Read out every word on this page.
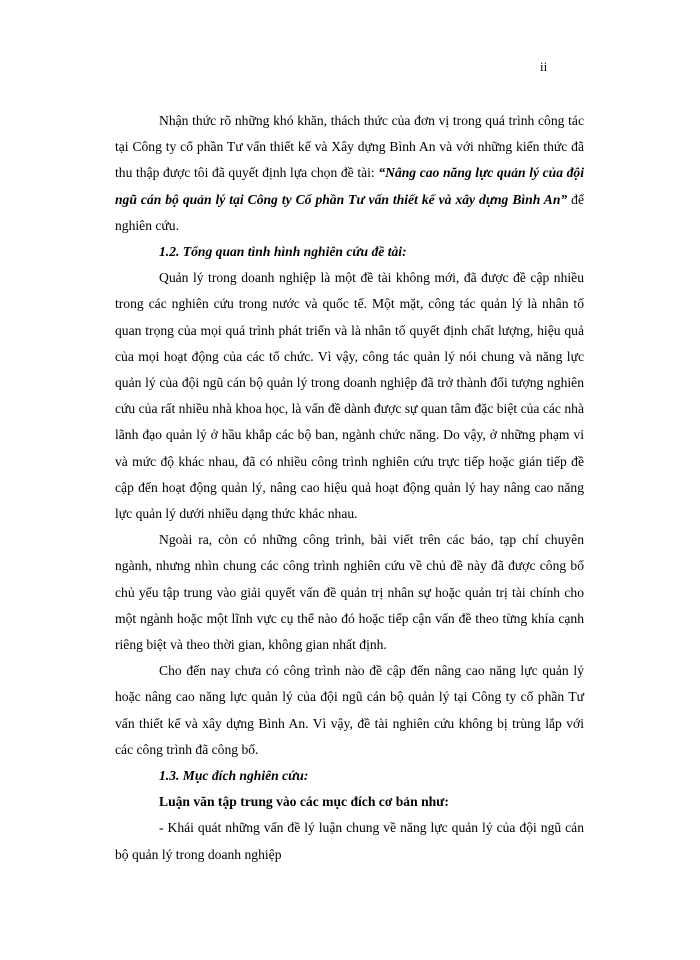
ii

Nhận thức rõ những khó khăn, thách thức của đơn vị trong quá trình công tác tại Công ty cổ phần Tư vấn thiết kế và Xây dựng Bình An và với những kiến thức đã thu thập được tôi đã quyết định lựa chọn đề tài: “Nâng cao năng lực quản lý của đội ngũ cán bộ quản lý tại Công ty Cổ phần Tư vấn thiết kế và xây dựng Bình An” để nghiên cứu.

1.2. Tổng quan tình hình nghiên cứu đề tài:

Quản lý trong doanh nghiệp là một đề tài không mới, đã được đề cập nhiều trong các nghiên cứu trong nước và quốc tế. Một mặt, công tác quản lý là nhân tố quan trọng của mọi quá trình phát triển và là nhân tố quyết định chất lượng, hiệu quả của mọi hoạt động của các tổ chức. Vì vậy, công tác quản lý nói chung và năng lực quản lý của đội ngũ cán bộ quản lý trong doanh nghiệp đã trở thành đối tượng nghiên cứu của rất nhiều nhà khoa học, là vấn đề dành được sự quan tâm đặc biệt của các nhà lãnh đạo quản lý ở hầu khắp các bộ ban, ngành chức năng. Do vậy, ở những phạm vi và mức độ khác nhau, đã có nhiều công trình nghiên cứu trực tiếp hoặc gián tiếp đề cập đến hoạt động quản lý, nâng cao hiệu quả hoạt động quản lý hay nâng cao năng lực quản lý dưới nhiều dạng thức khác nhau.

Ngoài ra, còn có những công trình, bài viết trên các báo, tạp chí chuyên ngành, nhưng nhìn chung các công trình nghiên cứu về chủ đề này đã được công bố chủ yếu tập trung vào giải quyết vấn đề quản trị nhân sự hoặc quản trị tài chính cho một ngành hoặc một lĩnh vực cụ thể nào đó hoặc tiếp cận vấn đề theo từng khía cạnh riêng biệt và theo thời gian, không gian nhất định.

Cho đến nay chưa có công trình nào đề cập đến nâng cao năng lực quản lý hoặc nâng cao năng lực quản lý của đội ngũ cán bộ quản lý tại Công ty cổ phần Tư vấn thiết kế và xây dựng Bình An. Vì vậy, đề tài nghiên cứu không bị trùng lắp với các công trình đã công bố.

1.3. Mục đích nghiên cứu:

Luận văn tập trung vào các mục đích cơ bản như:

- Khái quát những vấn đề lý luận chung về năng lực quản lý của đội ngũ cán bộ quản lý trong doanh nghiệp
